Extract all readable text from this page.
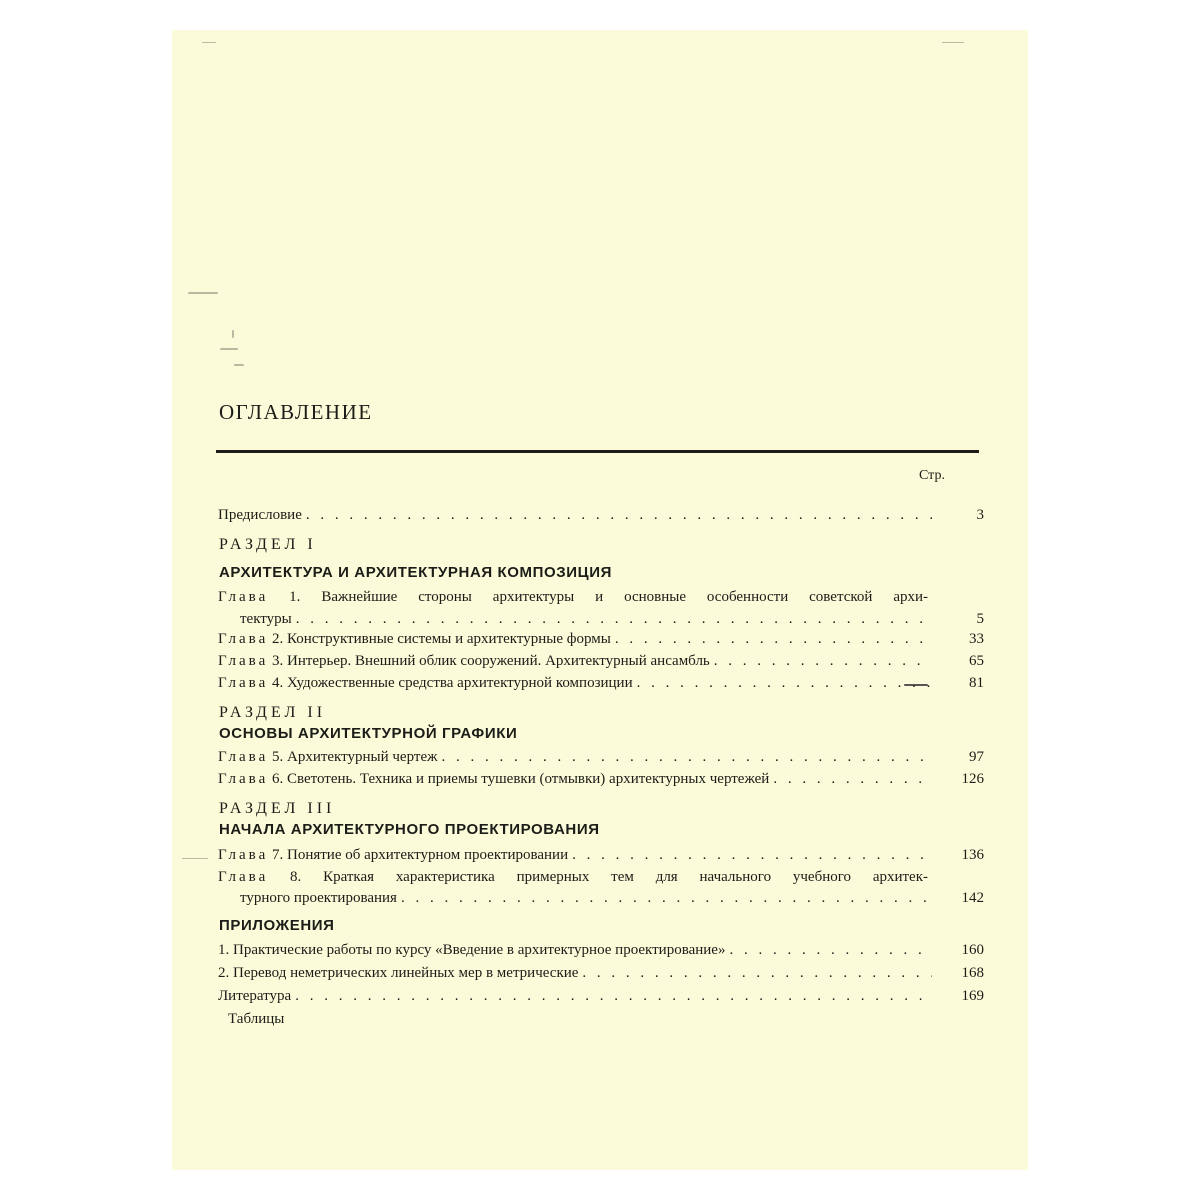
ОГЛАВЛЕНИЕ
Стр.
Предисловие . . .	3
РАЗДЕЛ I
АРХИТЕКТУРА И АРХИТЕКТУРНАЯ КОМПОЗИЦИЯ
Глава 1. Важнейшие стороны архитектуры и основные особенности советской архи-
тектуры . . .	5
Глава 2. Конструктивные системы и архитектурные формы . . .	33
Глава 3. Интерьер. Внешний облик сооружений. Архитектурный ансамбль . . .	65
Глава 4. Художественные средства архитектурной композиции . . .	81
РАЗДЕЛ II
ОСНОВЫ АРХИТЕКТУРНОЙ ГРАФИКИ
Глава 5. Архитектурный чертеж . . .	97
Глава 6. Светотень. Техника и приемы тушевки (отмывки) архитектурных чертежей . . .	126
РАЗДЕЛ III
НАЧАЛА АРХИТЕКТУРНОГО ПРОЕКТИРОВАНИЯ
Глава 7. Понятие об архитектурном проектировании . . .	136
Глава 8. Краткая характеристика примерных тем для начального учебного архитек-
турного проектирования . . .	142
ПРИЛОЖЕНИЯ
1. Практические работы по курсу «Введение в архитектурное проектирование» . . .	160
2. Перевод неметрических линейных мер в метрические . . .	168
Литература . . .	169
Таблицы
